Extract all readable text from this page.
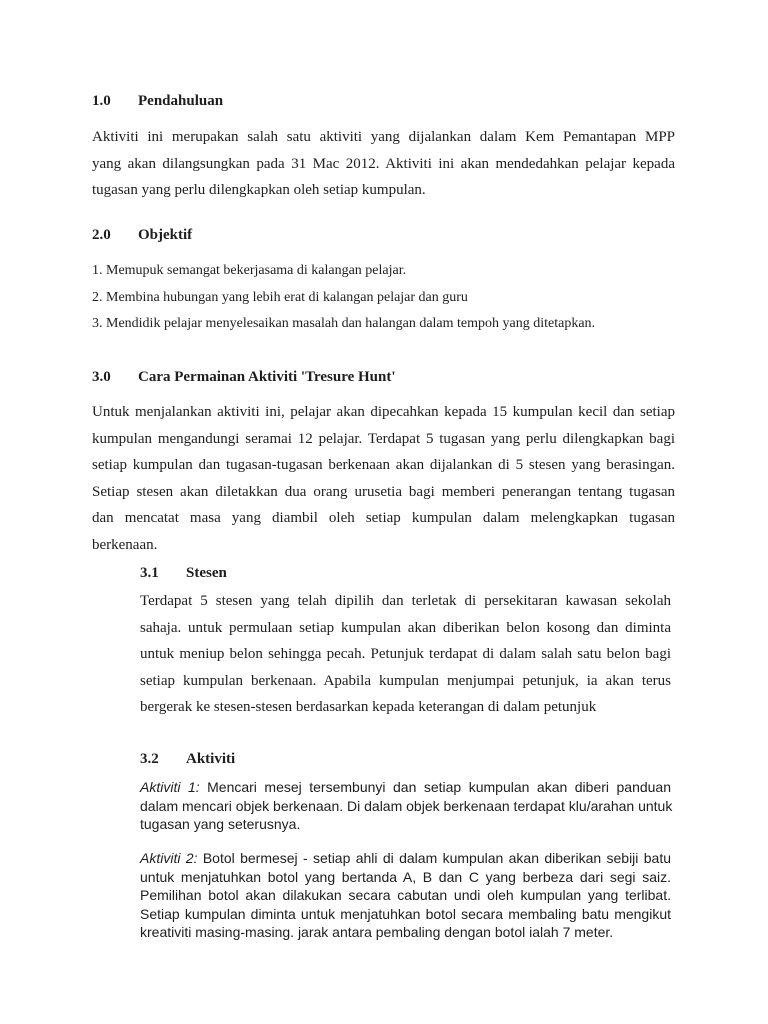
1.0 Pendahuluan
Aktiviti ini merupakan salah satu aktiviti yang dijalankan dalam Kem Pemantapan MPP
yang akan dilangsungkan pada 31 Mac 2012. Aktiviti ini akan mendedahkan pelajar kepada
tugasan yang perlu dilengkapkan oleh setiap kumpulan.
2.0 Objektif
1. Memupuk semangat bekerjasama di kalangan pelajar.
2. Membina hubungan yang lebih erat di kalangan pelajar dan guru
3. Mendidik pelajar menyelesaikan masalah dan halangan dalam tempoh yang ditetapkan.
3.0 Cara Permainan Aktiviti 'Tresure Hunt'
Untuk menjalankan aktiviti ini, pelajar akan dipecahkan kepada 15 kumpulan kecil dan setiap
kumpulan mengandungi seramai 12 pelajar. Terdapat 5 tugasan yang perlu dilengkapkan bagi
setiap kumpulan dan tugasan-tugasan berkenaan akan dijalankan di 5 stesen yang berasingan.
Setiap stesen akan diletakkan dua orang urusetia bagi memberi penerangan tentang tugasan
dan mencatat masa yang diambil oleh setiap kumpulan dalam melengkapkan tugasan
berkenaan.
3.1 Stesen
Terdapat 5 stesen yang telah dipilih dan terletak di persekitaran kawasan sekolah
sahaja. untuk permulaan setiap kumpulan akan diberikan belon kosong dan diminta
untuk meniup belon sehingga pecah. Petunjuk terdapat di dalam salah satu belon bagi
setiap kumpulan berkenaan. Apabila kumpulan menjumpai petunjuk, ia akan terus
bergerak ke stesen-stesen berdasarkan kepada keterangan di dalam petunjuk
3.2 Aktiviti
Aktiviti 1: Mencari mesej tersembunyi dan setiap kumpulan akan diberi panduan
dalam mencari objek berkenaan. Di dalam objek berkenaan terdapat klu/arahan untuk
tugasan yang seterusnya.
Aktiviti 2: Botol bermesej - setiap ahli di dalam kumpulan akan diberikan sebiji batu
untuk menjatuhkan botol yang bertanda A, B dan C yang berbeza dari segi saiz.
Pemilihan botol akan dilakukan secara cabutan undi oleh kumpulan yang terlibat.
Setiap kumpulan diminta untuk menjatuhkan botol secara membaling batu mengikut
kreativiti masing-masing. jarak antara pembaling dengan botol ialah 7 meter.
